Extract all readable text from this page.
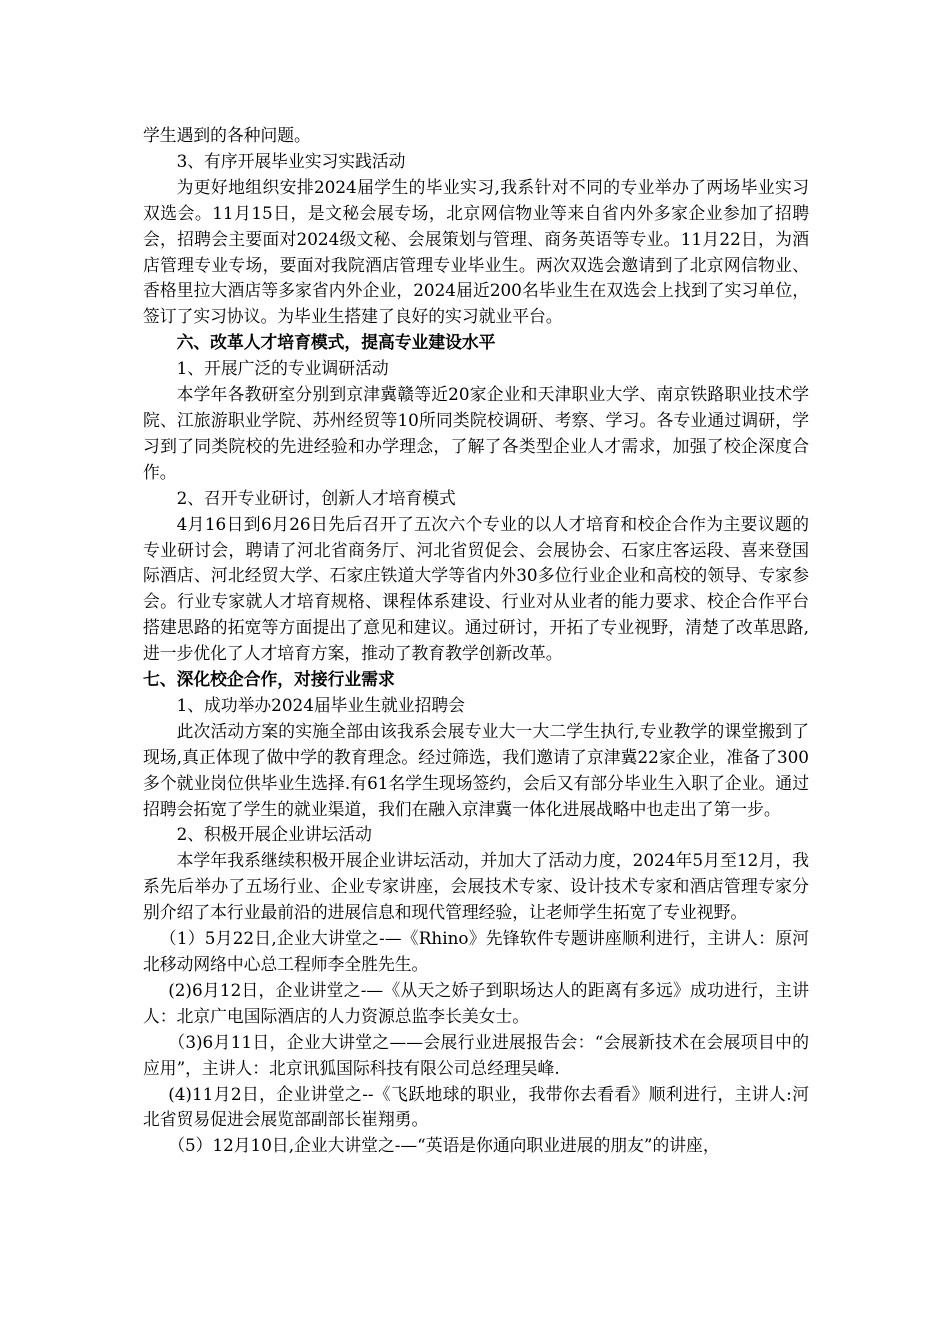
学生遇到的各种问题。

3、有序开展毕业实习实践活动

为更好地组织安排2024届学生的毕业实习,我系针对不同的专业举办了两场毕业实习双选会。11月15日，是文秘会展专场，北京网信物业等来自省内外多家企业参加了招聘会，招聘会主要面对2024级文秘、会展策划与管理、商务英语等专业。11月22日，为酒店管理专业专场，要面对我院酒店管理专业毕业生。两次双选会邀请到了北京网信物业、香格里拉大酒店等多家省内外企业，2024届近200名毕业生在双选会上找到了实习单位，签订了实习协议。为毕业生搭建了良好的实习就业平台。

六、改革人才培育模式，提高专业建设水平

1、开展广泛的专业调研活动

本学年各教研室分别到京津冀赣等近20家企业和天津职业大学、南京铁路职业技术学院、江旅游职业学院、苏州经贸等10所同类院校调研、考察、学习。各专业通过调研，学习到了同类院校的先进经验和办学理念，了解了各类型企业人才需求，加强了校企深度合作。

2、召开专业研讨，创新人才培育模式

4月16日到6月26日先后召开了五次六个专业的以人才培育和校企合作为主要议题的专业研讨会，聘请了河北省商务厅、河北省贸促会、会展协会、石家庄客运段、喜来登国际酒店、河北经贸大学、石家庄铁道大学等省内外30多位行业企业和高校的领导、专家参会。行业专家就人才培育规格、课程体系建设、行业对从业者的能力要求、校企合作平台搭建思路的拓宽等方面提出了意见和建议。通过研讨，开拓了专业视野，清楚了改革思路,进一步优化了人才培育方案，推动了教育教学创新改革。

七、深化校企合作，对接行业需求

1、成功举办2024届毕业生就业招聘会

此次活动方案的实施全部由该我系会展专业大一大二学生执行,专业教学的课堂搬到了现场,真正体现了做中学的教育理念。经过筛选，我们邀请了京津冀22家企业，准备了300多个就业岗位供毕业生选择.有61名学生现场签约，会后又有部分毕业生入职了企业。通过招聘会拓宽了学生的就业渠道，我们在融入京津冀一体化进展战略中也走出了第一步。

2、积极开展企业讲坛活动

本学年我系继续积极开展企业讲坛活动，并加大了活动力度，2024年5月至12月，我系先后举办了五场行业、企业专家讲座，会展技术专家、设计技术专家和酒店管理专家分别介绍了本行业最前沿的进展信息和现代管理经验，让老师学生拓宽了专业视野。

（1）5月22日,企业大讲堂之-—《Rhino》先锋软件专题讲座顺利进行，主讲人：原河北移动网络中心总工程师李全胜先生。

(2)6月12日，企业讲堂之-—《从天之娇子到职场达人的距离有多远》成功进行，主讲人：北京广电国际酒店的人力资源总监李长美女士。

（3)6月11日，企业大讲堂之——会展行业进展报告会：“会展新技术在会展项目中的应用”，主讲人：北京讯狐国际科技有限公司总经理吴峰.

(4)11月2日，企业讲堂之--《飞跃地球的职业，我带你去看看》顺利进行，主讲人:河北省贸易促进会展览部副部长崔翔勇。

（5）12月10日,企业大讲堂之-—“英语是你通向职业进展的朋友”的讲座，
